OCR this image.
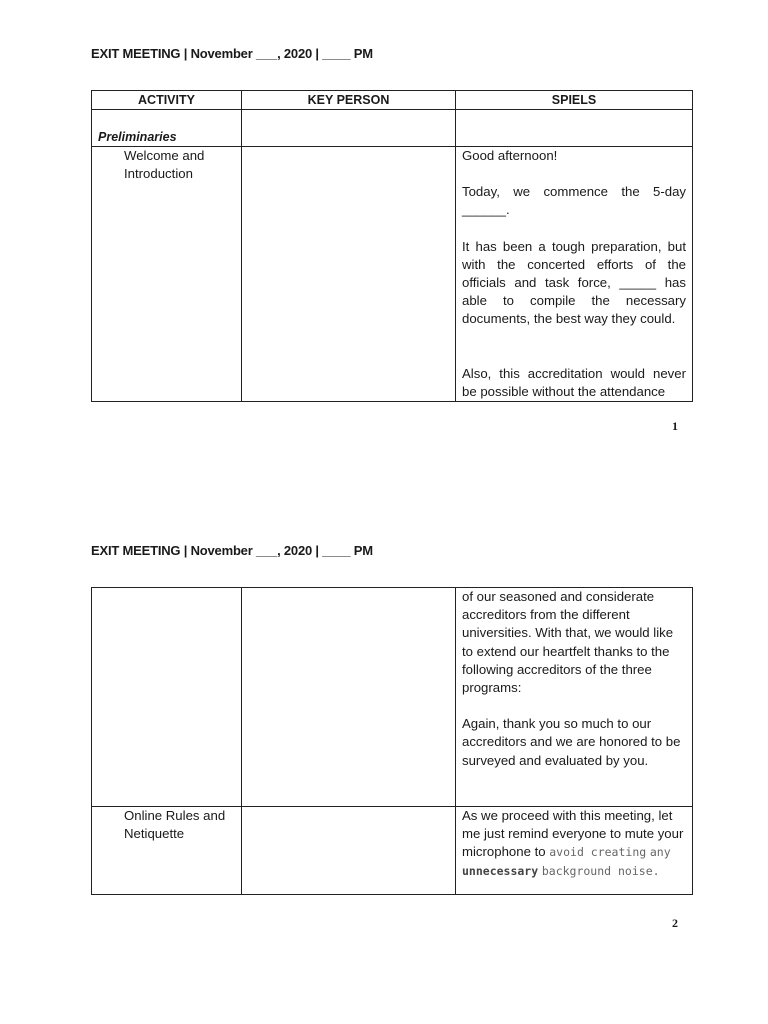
EXIT MEETING | November ___, 2020 | ____ PM
ACTIVITY	KEY PERSON	SPIELS

Preliminaries		

Welcome and Introduction		Good afternoon!

Today, we commence the 5-day ______.

It has been a tough preparation, but with the concerted efforts of the officials and task force, _____ has able to compile the necessary documents, the best way they could.

Also, this accreditation would never be possible without the attendance

1
EXIT MEETING | November ___, 2020 | ____ PM

		of our seasoned and considerate accreditors from the different universities. With that, we would like to extend our heartfelt thanks to the following accreditors of the three programs:

Again, thank you so much to our accreditors and we are honored to be surveyed and evaluated by you.

Online Rules and Netiquette		As we proceed with this meeting, let me just remind everyone to mute your microphone to avoid creating any unnecessary background noise.

2
